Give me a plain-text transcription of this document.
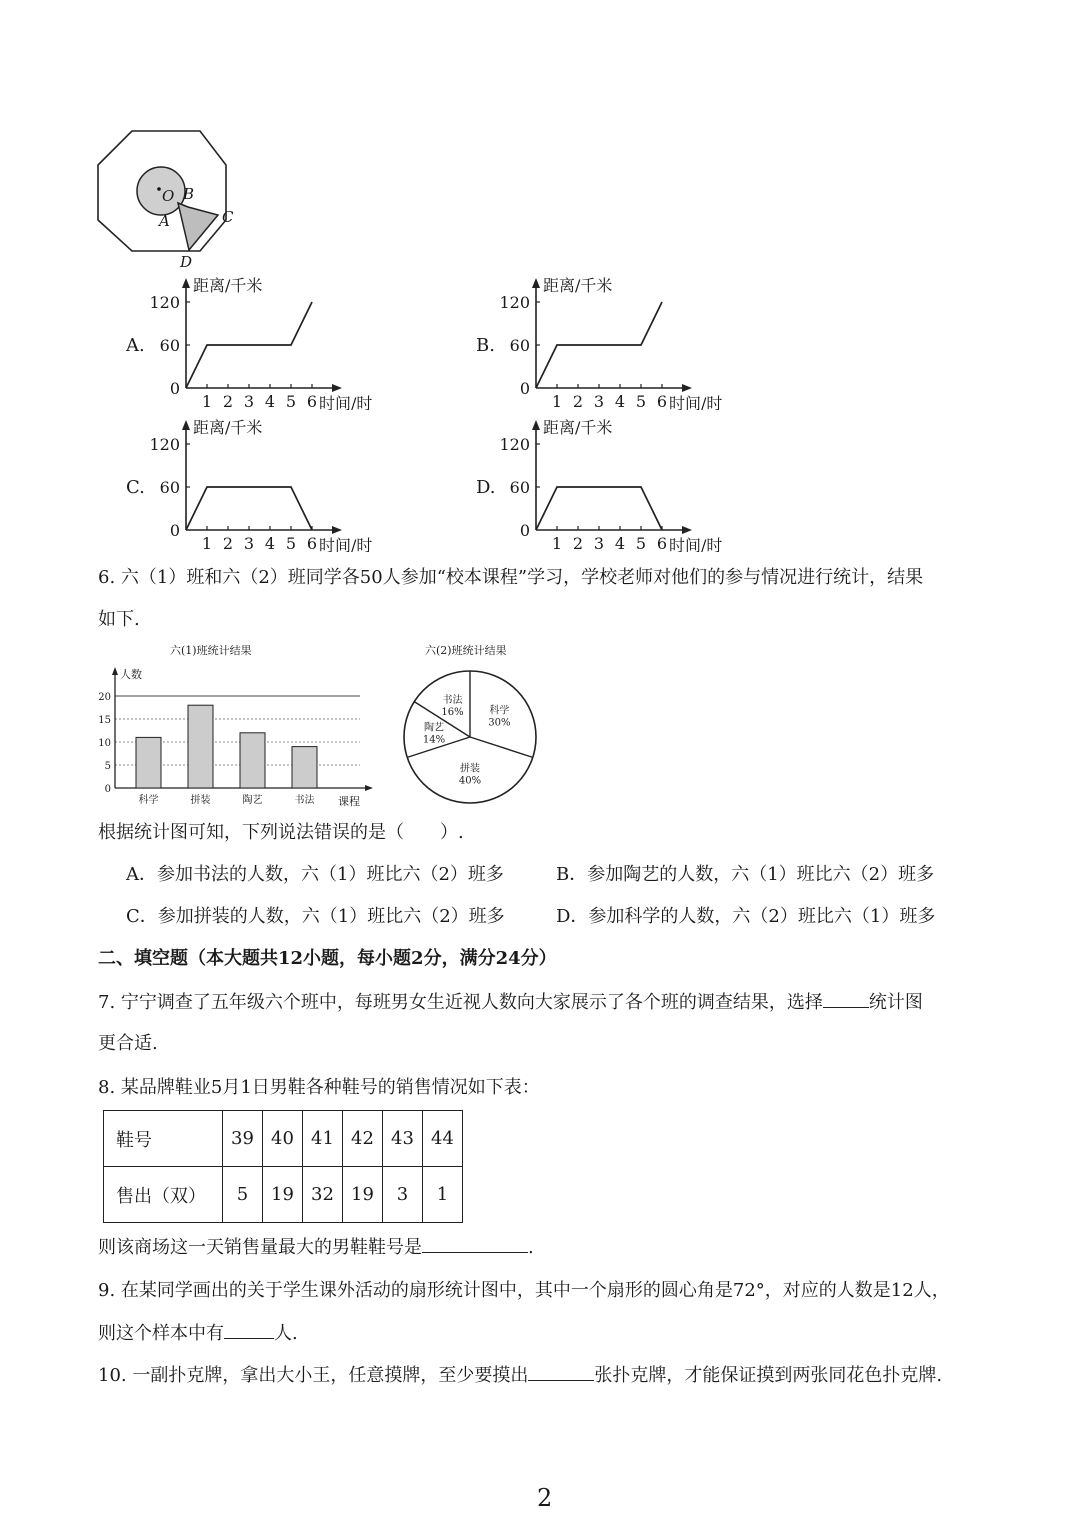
O B
A	C
D
A.
距离/千米
时间/时
0
60
120
1 2 3 4 5 6
B.
距离/千米
时间/时
0
60
120
1 2 3 4 5 6
C.
距离/千米
时间/时
0
60
120
1 2 3 4 5 6
D.
距离/千米
时间/时
0
60
120
1 2 3 4 5 6
6. 六（1）班和六（2）班同学各50人参加“校本课程”学习，学校老师对他们的参与情况进行统计，结果
如下.
六(1)班统计结果
人数
课程
0
5
10
15
20
科学	拼装	陶艺	书法
六(2)班统计结果
科学
30%
拼装
40%
陶艺
14%
书法
16%
根据统计图可知，下列说法错误的是（　　）.
A．参加书法的人数，六（1）班比六（2）班多	B．参加陶艺的人数，六（1）班比六（2）班多
C．参加拼装的人数，六（1）班比六（2）班多	D．参加科学的人数，六（2）班比六（1）班多
二、填空题（本大题共12小题，每小题2分，满分24分）
7. 宁宁调查了五年级六个班中，每班男女生近视人数向大家展示了各个班的调查结果，选择	统计图
更合适.
8. 某品牌鞋业5月1日男鞋各种鞋号的销售情况如下表：
鞋号	39	40	41	42	43	44
售出（双）	5	19	32	19	3	1
则该商场这一天销售量最大的男鞋鞋号是	.
9. 在某同学画出的关于学生课外活动的扇形统计图中，其中一个扇形的圆心角是72°，对应的人数是12人，
则这个样本中有	人.
10. 一副扑克牌，拿出大小王，任意摸牌，至少要摸出	张扑克牌，才能保证摸到两张同花色扑克牌.
2
